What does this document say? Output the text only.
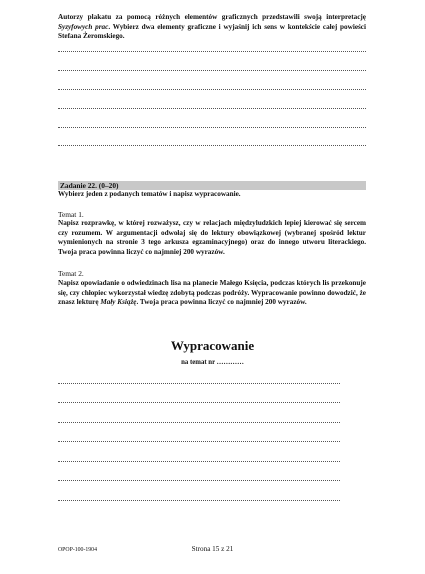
Autorzy plakatu za pomocą różnych elementów graficznych przedstawili swoją interpretację Syzyfowych prac. Wybierz dwa elementy graficzne i wyjaśnij ich sens w kontekście całej powieści Stefana Żeromskiego.
Zadanie 22. (0–20)
Wybierz jeden z podanych tematów i napisz wypracowanie.
Temat 1.
Napisz rozprawkę, w której rozważysz, czy w relacjach międzyludzkich lepiej kierować się sercem czy rozumem. W argumentacji odwołaj się do lektury obowiązkowej (wybranej spośród lektur wymienionych na stronie 3 tego arkusza egzaminacyjnego) oraz do innego utworu literackiego. Twoja praca powinna liczyć co najmniej 200 wyrazów.
Temat 2.
Napisz opowiadanie o odwiedzinach lisa na planecie Małego Księcia, podczas których lis przekonuje się, czy chłopiec wykorzystał wiedzę zdobytą podczas podróży. Wypracowanie powinno dowodzić, że znasz lekturę Mały Książę. Twoja praca powinna liczyć co najmniej 200 wyrazów.
Wypracowanie
na temat nr …………
OPOP-100-1904	Strona 15 z 21
